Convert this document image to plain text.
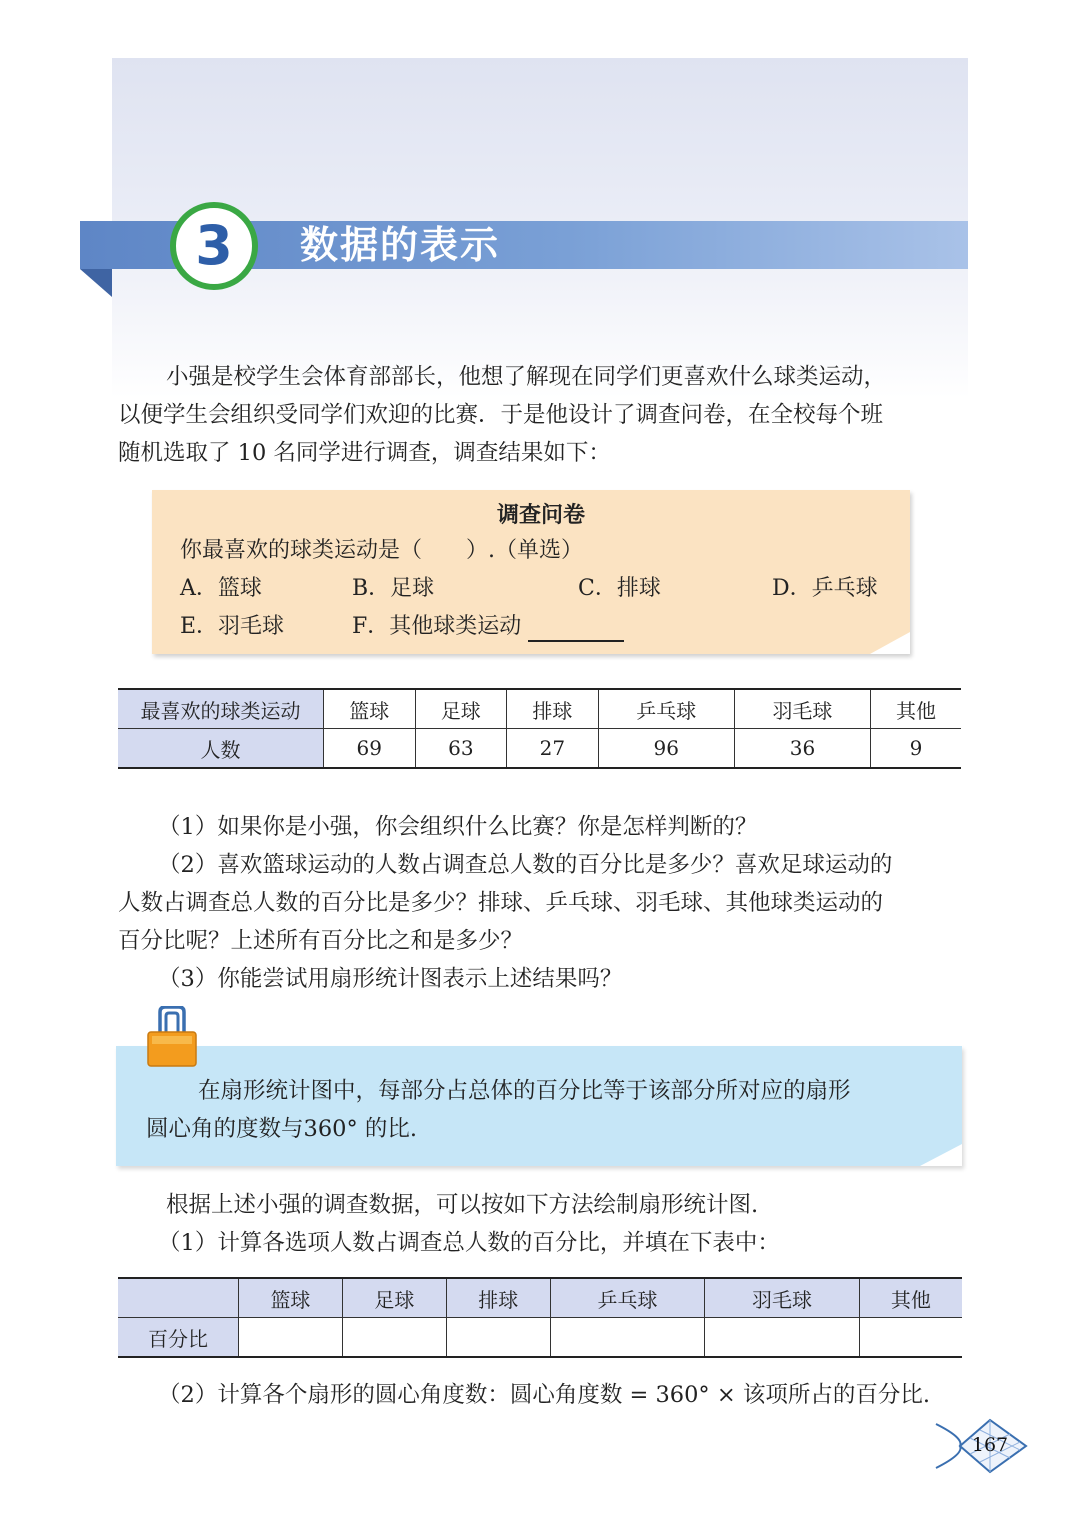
3 数据的表示
小强是校学生会体育部部长，他想了解现在同学们更喜欢什么球类运动，
以便学生会组织受同学们欢迎的比赛．于是他设计了调查问卷，在全校每个班
随机选取了 10 名同学进行调查，调查结果如下：
调查问卷
你最喜欢的球类运动是（　　）.（单选）
A．篮球	B．足球	C．排球	D．乒乓球
E．羽毛球	F．其他球类运动
最喜欢的球类运动	篮球	足球	排球	乒乓球	羽毛球	其他
人数	69	63	27	96	36	9
（1）如果你是小强，你会组织什么比赛？你是怎样判断的？
（2）喜欢篮球运动的人数占调查总人数的百分比是多少？喜欢足球运动的
人数占调查总人数的百分比是多少？排球、乒乓球、羽毛球、其他球类运动的
百分比呢？上述所有百分比之和是多少？
（3）你能尝试用扇形统计图表示上述结果吗？
在扇形统计图中，每部分占总体的百分比等于该部分所对应的扇形
圆心角的度数与360° 的比.
根据上述小强的调查数据，可以按如下方法绘制扇形统计图.
（1）计算各选项人数占调查总人数的百分比，并填在下表中：
	篮球	足球	排球	乒乓球	羽毛球	其他
百分比						
（2）计算各个扇形的圆心角度数：圆心角度数 = 360° × 该项所占的百分比.
167
